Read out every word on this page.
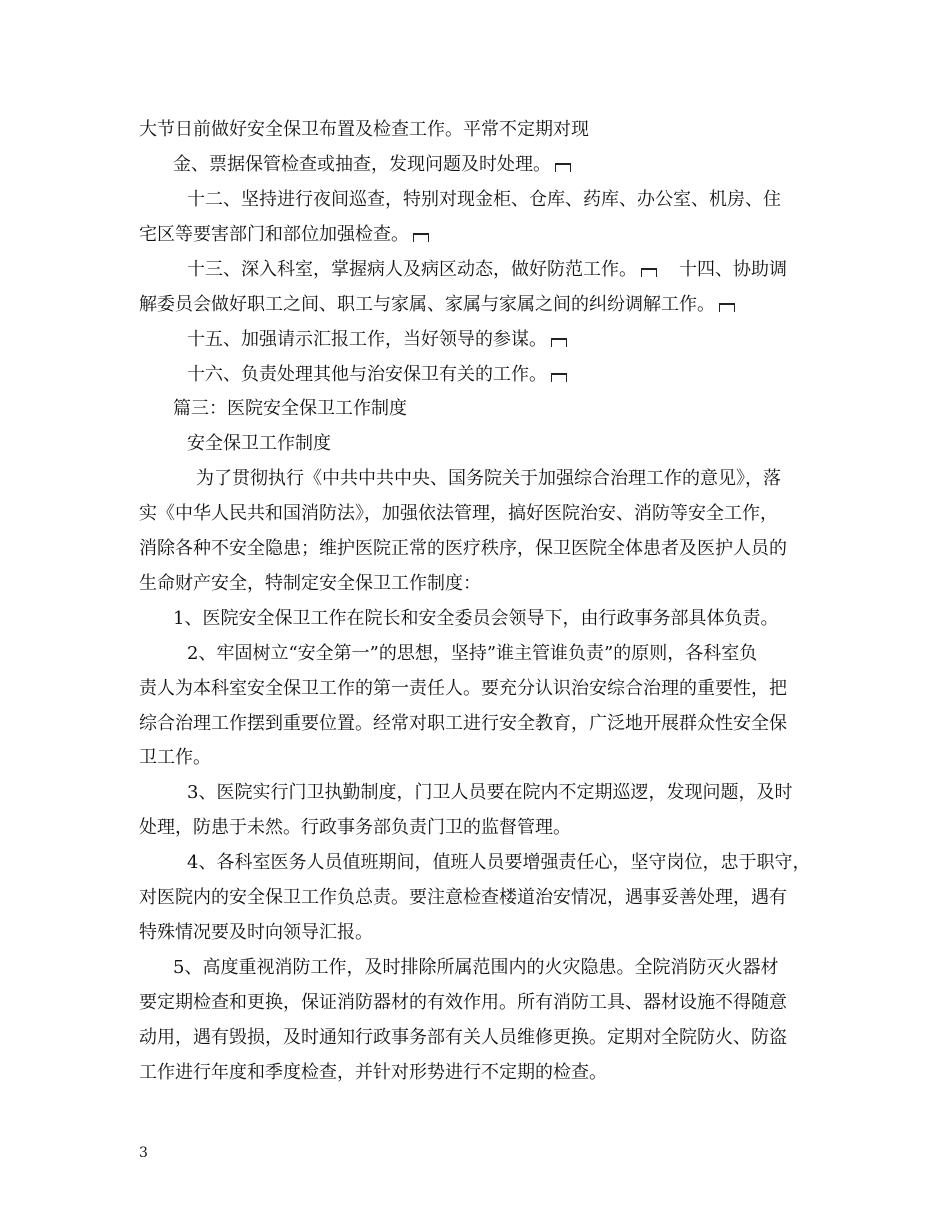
大节日前做好安全保卫布置及检查工作。平常不定期对现
金、票据保管检查或抽查，发现问题及时处理。
十二、坚持进行夜间巡查，特别对现金柜、仓库、药库、办公室、机房、住
宅区等要害部门和部位加强检查。
十三、深入科室，掌握病人及病区动态，做好防范工作。 十四、协助调
解委员会做好职工之间、职工与家属、家属与家属之间的纠纷调解工作。
十五、加强请示汇报工作，当好领导的参谋。
十六、负责处理其他与治安保卫有关的工作。
篇三：医院安全保卫工作制度
安全保卫工作制度
为了贯彻执行《中共中共中央、国务院关于加强综合治理工作的意见》，落
实《中华人民共和国消防法》，加强依法管理，搞好医院治安、消防等安全工作，
消除各种不安全隐患；维护医院正常的医疗秩序，保卫医院全体患者及医护人员的
生命财产安全，特制定安全保卫工作制度：
1、医院安全保卫工作在院长和安全委员会领导下，由行政事务部具体负责。
2、牢固树立“安全第一”的思想，坚持”谁主管谁负责”的原则，各科室负
责人为本科室安全保卫工作的第一责任人。要充分认识治安综合治理的重要性，把
综合治理工作摆到重要位置。经常对职工进行安全教育，广泛地开展群众性安全保
卫工作。
3、医院实行门卫执勤制度，门卫人员要在院内不定期巡逻，发现问题，及时
处理，防患于未然。行政事务部负责门卫的监督管理。
4、各科室医务人员值班期间，值班人员要增强责任心，坚守岗位，忠于职守，
对医院内的安全保卫工作负总责。要注意检查楼道治安情况，遇事妥善处理，遇有
特殊情况要及时向领导汇报。
5、高度重视消防工作，及时排除所属范围内的火灾隐患。全院消防灭火器材
要定期检查和更换，保证消防器材的有效作用。所有消防工具、器材设施不得随意
动用，遇有毁损，及时通知行政事务部有关人员维修更换。定期对全院防火、防盗
工作进行年度和季度检查，并针对形势进行不定期的检查。
3
